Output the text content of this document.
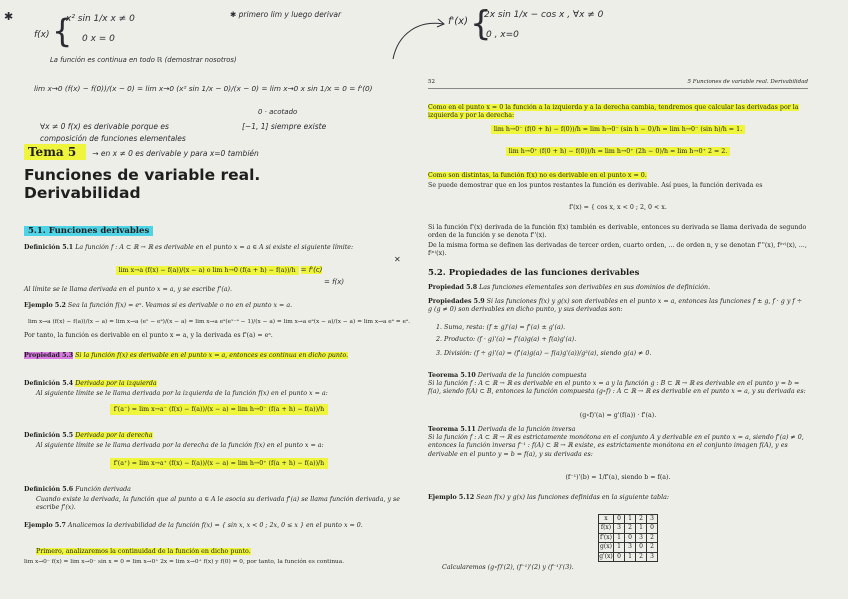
✱
f(x) {
x² sin 1/x x ≠ 0
0 x = 0
✱ primero lim y luego derivar
f'(x) {
2x sin 1/x − cos x , ∀x ≠ 0
0 , x=0
La función es continua en todo ℝ (demostrar nosotros)
lim x→0 (f(x) − f(0))/(x − 0) = lim x→0 (x² sin 1/x − 0)/(x − 0) = lim x→0 x sin 1/x = 0 = f'(0)
0 · acotado
∀x ≠ 0 f(x) es derivable porque es	[−1, 1] siempre existe
composición de funciones elementales
Tema 5 → en x ≠ 0 es derivable y para x=0 también
Funciones de variable real.
Derivabilidad
5.1. Funciones derivables
Definición 5.1 La función f : A ⊂ ℝ → ℝ es derivable en el punto x = a ∈ A si existe el siguiente límite:
✕
lim x→a (f(x) − f(a))/(x − a) o lim h→0 (f(a + h) − f(a))/h = f'(c)
= f(x)
Al límite se le llama derivada en el punto x = a, y se escribe f'(a).
Ejemplo 5.2 Sea la función f(x) = eˣ. Veamos si es derivable o no en el punto x = a.
lim x→a (f(x) − f(a))/(x − a) = lim x→a (eˣ − eᵃ)/(x − a) = lim x→a eᵃ(eˣ⁻ᵃ − 1)/(x − a) = lim x→a eᵃ(x − a)/(x − a) = lim x→a eᵃ = eᵃ.
Por tanto, la función es derivable en el punto x = a, y la derivada es f'(a) = eᵃ.
Propiedad 5.3 Si la función f(x) es derivable en el punto x = a, entonces es continua en dicho punto.
Definición 5.4 Derivada por la izquierda
Al siguiente límite se le llama derivada por la izquierda de la función f(x) en el punto x = a:
f'(a⁻) = lim x→a⁻ (f(x) − f(a))/(x − a) = lim h→0⁻ (f(a + h) − f(a))/h
Definición 5.5 Derivada por la derecha
Al siguiente límite se le llama derivada por la derecha de la función f(x) en el punto x = a:
f'(a⁺) = lim x→a⁺ (f(x) − f(a))/(x − a) = lim h→0⁺ (f(a + h) − f(a))/h
Definición 5.6 Función derivada
Cuando existe la derivada, la función que al punto a ∈ A le asocia su derivada f'(a) se llama función derivada, y se escribe f'(x).
Ejemplo 5.7 Analicemos la derivabilidad de la función f(x) = { sin x, x < 0 ; 2x, 0 ≤ x } en el punto x = 0.
Primero, analizaremos la continuidad de la función en dicho punto.
lim x→0⁻ f(x) = lim x→0⁻ sin x = 0 = lim x→0⁺ 2x = lim x→0⁺ f(x) y f(0) = 0, por tanto, la función es continua.
52	5 Funciones de variable real. Derivabilidad
Como en el punto x = 0 la función a la izquierda y a la derecha cambia, tendremos que calcular las derivadas por la izquierda y por la derecha:
lim h→0⁻ (f(0 + h) − f(0))/h = lim h→0⁻ (sin h − 0)/h = lim h→0⁻ (sin h)/h = 1.
lim h→0⁺ (f(0 + h) − f(0))/h = lim h→0⁺ (2h − 0)/h = lim h→0⁺ 2 = 2.
Como son distintas, la función f(x) no es derivable en el punto x = 0.
Se puede demostrar que en los puntos restantes la función es derivable. Así pues, la función derivada es
f'(x) = { cos x, x < 0 ; 2, 0 < x.
Si la función f'(x) derivada de la función f(x) también es derivable, entonces su derivada se llama derivada de segundo orden de la función y se denota f''(x).
De la misma forma se definen las derivadas de tercer orden, cuarto orden, ... de orden n, y se denotan f'''(x), f⁽ⁱᵛ⁾(x), ..., f⁽ⁿ⁾(x).
5.2. Propiedades de las funciones derivables
Propiedad 5.8 Las funciones elementales son derivables en sus dominios de definición.
Propiedades 5.9 Si las funciones f(x) y g(x) son derivables en el punto x = a, entonces las funciones f ± g, f · g y f ÷ g (g ≠ 0) son derivables en dicho punto, y sus derivadas son:
1. Suma, resta: (f ± g)'(a) = f'(a) ± g'(a).
2. Producto: (f · g)'(a) = f'(a)g(a) + f(a)g'(a).
3. División: (f ÷ g)'(a) = (f'(a)g(a) − f(a)g'(a))/g²(a), siendo g(a) ≠ 0.
Teorema 5.10 Derivada de la función compuesta
Si la función f : A ⊂ ℝ → ℝ es derivable en el punto x = a y la función g : B ⊂ ℝ → ℝ es derivable en el punto y = b = f(a), siendo f(A) ⊂ B, entonces la función compuesta (g∘f) : A ⊂ ℝ → ℝ es derivable en el punto x = a, y su derivada es:
(g∘f)'(a) = g'(f(a)) · f'(a).
Teorema 5.11 Derivada de la función inversa
Si la función f : A ⊂ ℝ → ℝ es estrictamente monótona en el conjunto A y derivable en el punto x = a, siendo f'(a) ≠ 0, entonces la función inversa f⁻¹ : f(A) ⊂ ℝ → ℝ existe, es estrictamente monótona en el conjunto imagen f(A), y es derivable en el punto y = b = f(a), y su derivada es:
(f⁻¹)'(b) = 1/f'(a), siendo b = f(a).
Ejemplo 5.12 Sean f(x) y g(x) las funciones definidas en la siguiente tabla:
x	0	1	2	3
f(x)	3	2	1	0
f'(x)	1	0	3	2
g(x)	1	3	0	2
g'(x)	0	1	2	3
Calcularemos (g∘f)'(2), (f⁻¹)'(2) y (f⁻¹)'(3).
